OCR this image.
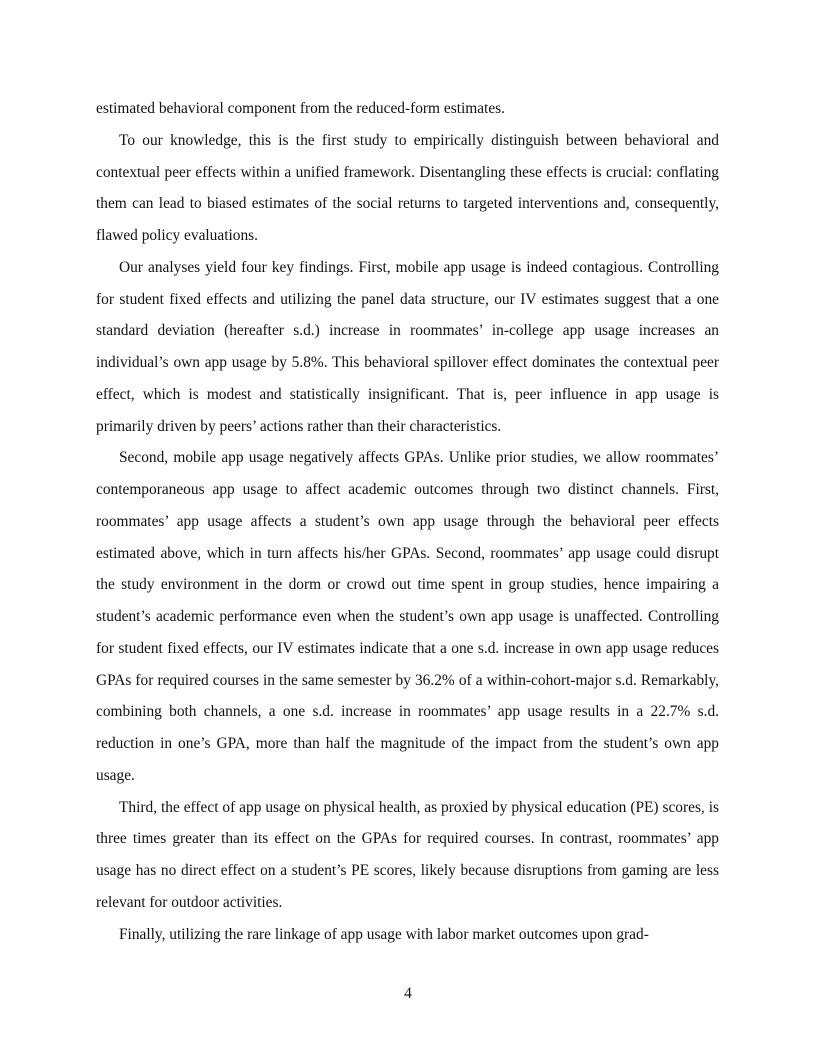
estimated behavioral component from the reduced-form estimates.

To our knowledge, this is the first study to empirically distinguish between behavioral and contextual peer effects within a unified framework. Disentangling these effects is crucial: conflating them can lead to biased estimates of the social returns to targeted interventions and, consequently, flawed policy evaluations.

Our analyses yield four key findings. First, mobile app usage is indeed contagious. Controlling for student fixed effects and utilizing the panel data structure, our IV estimates suggest that a one standard deviation (hereafter s.d.) increase in roommates’ in-college app usage increases an individual’s own app usage by 5.8%. This behavioral spillover effect dominates the contextual peer effect, which is modest and statistically insignificant. That is, peer influence in app usage is primarily driven by peers’ actions rather than their characteristics.

Second, mobile app usage negatively affects GPAs. Unlike prior studies, we allow roommates’ contemporaneous app usage to affect academic outcomes through two distinct channels. First, roommates’ app usage affects a student’s own app usage through the behavioral peer effects estimated above, which in turn affects his/her GPAs. Second, roommates’ app usage could disrupt the study environment in the dorm or crowd out time spent in group studies, hence impairing a student’s academic performance even when the student’s own app usage is unaffected. Controlling for student fixed effects, our IV estimates indicate that a one s.d. increase in own app usage reduces GPAs for required courses in the same semester by 36.2% of a within-cohort-major s.d. Remarkably, combining both channels, a one s.d. increase in roommates’ app usage results in a 22.7% s.d. reduction in one’s GPA, more than half the magnitude of the impact from the student’s own app usage.

Third, the effect of app usage on physical health, as proxied by physical education (PE) scores, is three times greater than its effect on the GPAs for required courses. In contrast, roommates’ app usage has no direct effect on a student’s PE scores, likely because disruptions from gaming are less relevant for outdoor activities.

Finally, utilizing the rare linkage of app usage with labor market outcomes upon grad-

4
